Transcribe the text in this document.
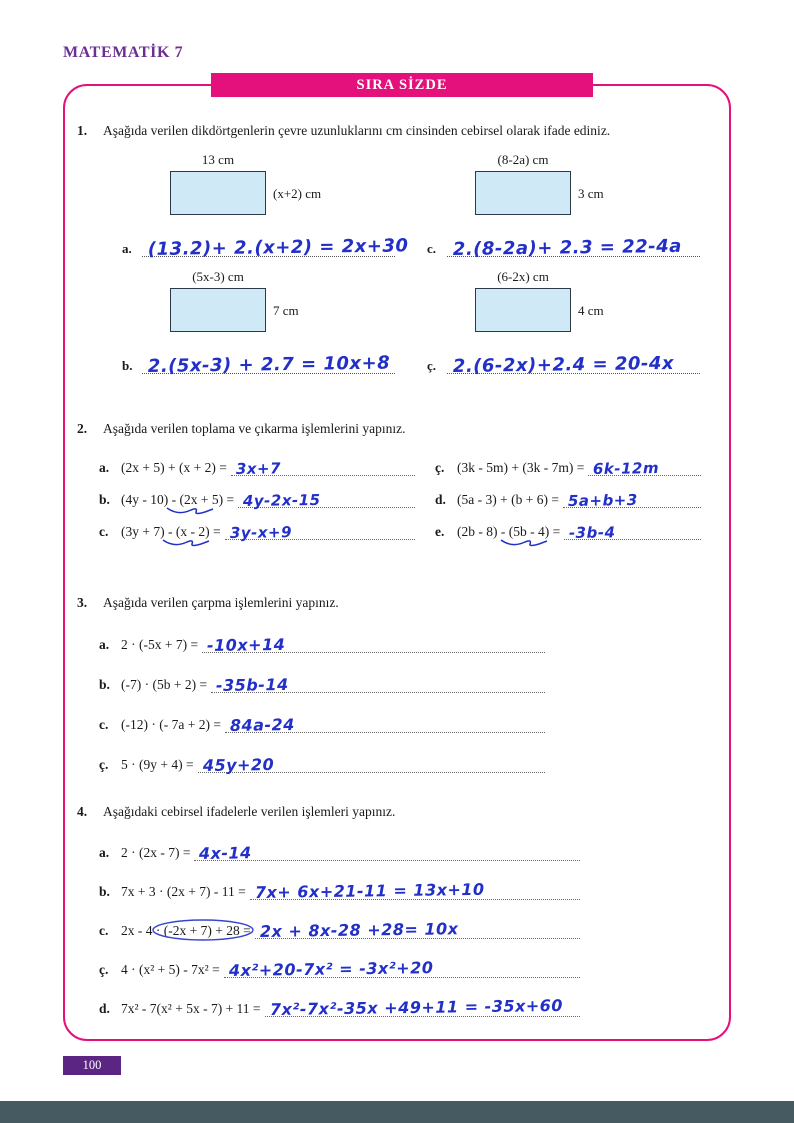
MATEMATİK 7
SIRA SİZDE
1.	Aşağıda verilen dikdörtgenlerin çevre uzunluklarını cm cinsinden cebirsel olarak ifade ediniz.
13 cm
(x+2) cm
(8-2a) cm
3 cm
a. (13.2)+ 2.(x+2) = 2x+30 c. 2.(8-2a)+ 2.3 = 22-4a
(5x-3) cm
7 cm
(6-2x) cm
4 cm
b. 2.(5x-3) + 2.7 = 10x+8	ç. 2.(6-2x)+2.4 = 20-4x
2.	Aşağıda verilen toplama ve çıkarma işlemlerini yapınız.
a. (2x + 5) + (x + 2) = 3x+7	ç. (3k - 5m) + (3k - 7m) = 6k-12m
b. (4y - 10) - (2x + 5) = 4y-2x-15	d. (5a - 3) + (b + 6) = 5a+b+3
c. (3y + 7) - (x - 2) = 3y-x+9	e. (2b - 8) - (5b - 4) = -3b-4
3.	Aşağıda verilen çarpma işlemlerini yapınız.
a. 2 · (-5x + 7) = -10x+14
b. (-7) · (5b + 2) = -35b-14
c. (-12) · (- 7a + 2) = 84a-24
ç. 5 · (9y + 4) = 45y+20
4.	Aşağıdaki cebirsel ifadelerle verilen işlemleri yapınız.
a. 2 · (2x - 7) = 4x-14
b. 7x + 3 · (2x + 7) - 11 = 7x+ 6x+21-11 = 13x+10
c. 2x - 4 · (-2x + 7) + 28 = 2x + 8x-28 +28= 10x
ç. 4 · (x² + 5) - 7x² = 4x²+20-7x² = -3x²+20
d. 7x² - 7(x² + 5x - 7) + 11 = 7x²-7x²-35x +49+11 = -35x+60
100
